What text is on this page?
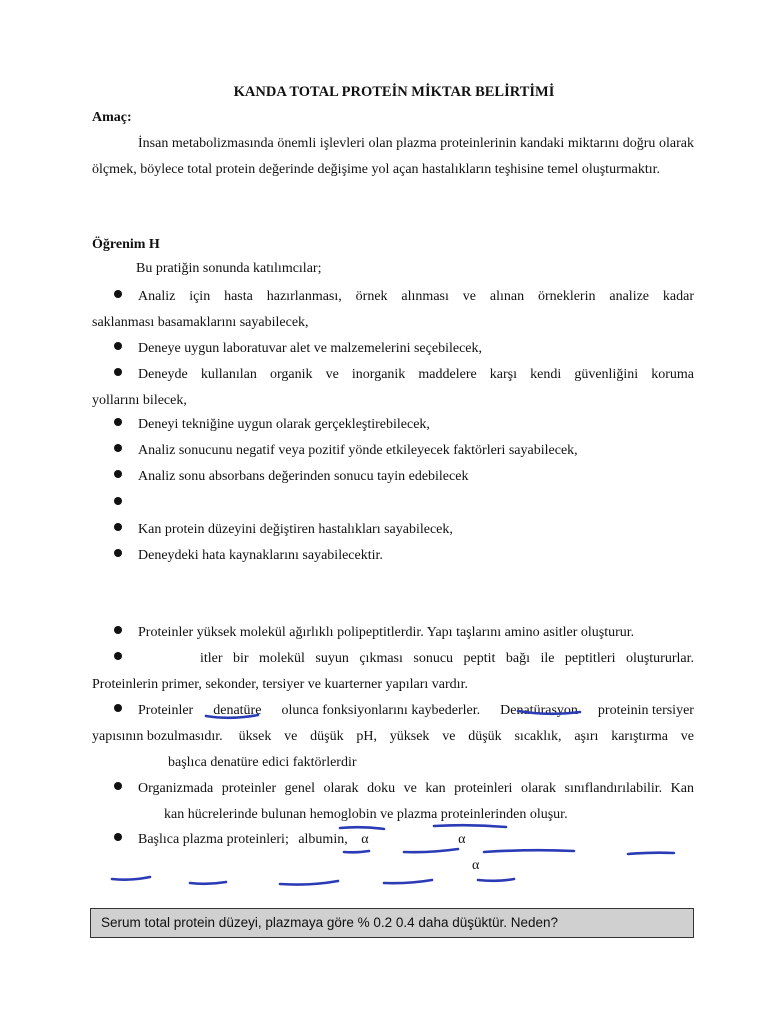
KANDA TOTAL PROTEİN MİKTAR BELİRTİMİ
Amaç:
İnsan metabolizmasında önemli işlevleri olan plazma proteinlerinin kandaki miktarını doğru olarak ölçmek, böylece total protein değerinde değişime yol açan hastalıkların teşhisine temel oluşturmaktır.
Öğrenim H
Bu pratiğin sonunda katılımcılar;
Analiz için hasta hazırlanması, örnek alınması ve alınan örneklerin analize kadar
saklanması basamaklarını sayabilecek,
Deneye uygun laboratuvar alet ve malzemelerini seçebilecek,
Deneyde kullanılan organik ve inorganik maddelere karşı kendi güvenliğini koruma
yollarını bilecek,
Deneyi tekniğine uygun olarak gerçekleştirebilecek,
Analiz sonucunu negatif veya pozitif yönde etkileyecek faktörleri sayabilecek,
Analiz sonu absorbans değerinden sonucu tayin edebilecek

Kan protein düzeyini değiştiren hastalıkları sayabilecek,
Deneydeki hata kaynaklarını sayabilecektir.
Proteinler yüksek molekül ağırlıklı polipeptitlerdir. Yapı taşlarını amino asitler oluşturur.
itler bir molekül suyun çıkması sonucu peptit bağı ile peptitleri oluştururlar.
Proteinlerin primer, sekonder, tersiyer ve kuarterner yapıları vardır.
Proteinler denatüre olunca fonksiyonlarını kaybederler. Denatürasyon proteinin tersiyer
yapısının bozulmasıdır.	üksek ve düşük pH, yüksek ve düşük sıcaklık, aşırı karıştırma ve
başlıca denatüre edici faktörlerdir
Organizmada proteinler genel olarak doku ve kan proteinleri olarak sınıflandırılabilir. Kan
kan hücrelerinde bulunan hemoglobin ve plazma proteinlerinden oluşur.
Başlıca plazma proteinleri; albumin, α	α
α
Serum total protein düzeyi, plazmaya göre % 0.2 0.4 daha düşüktür. Neden?
